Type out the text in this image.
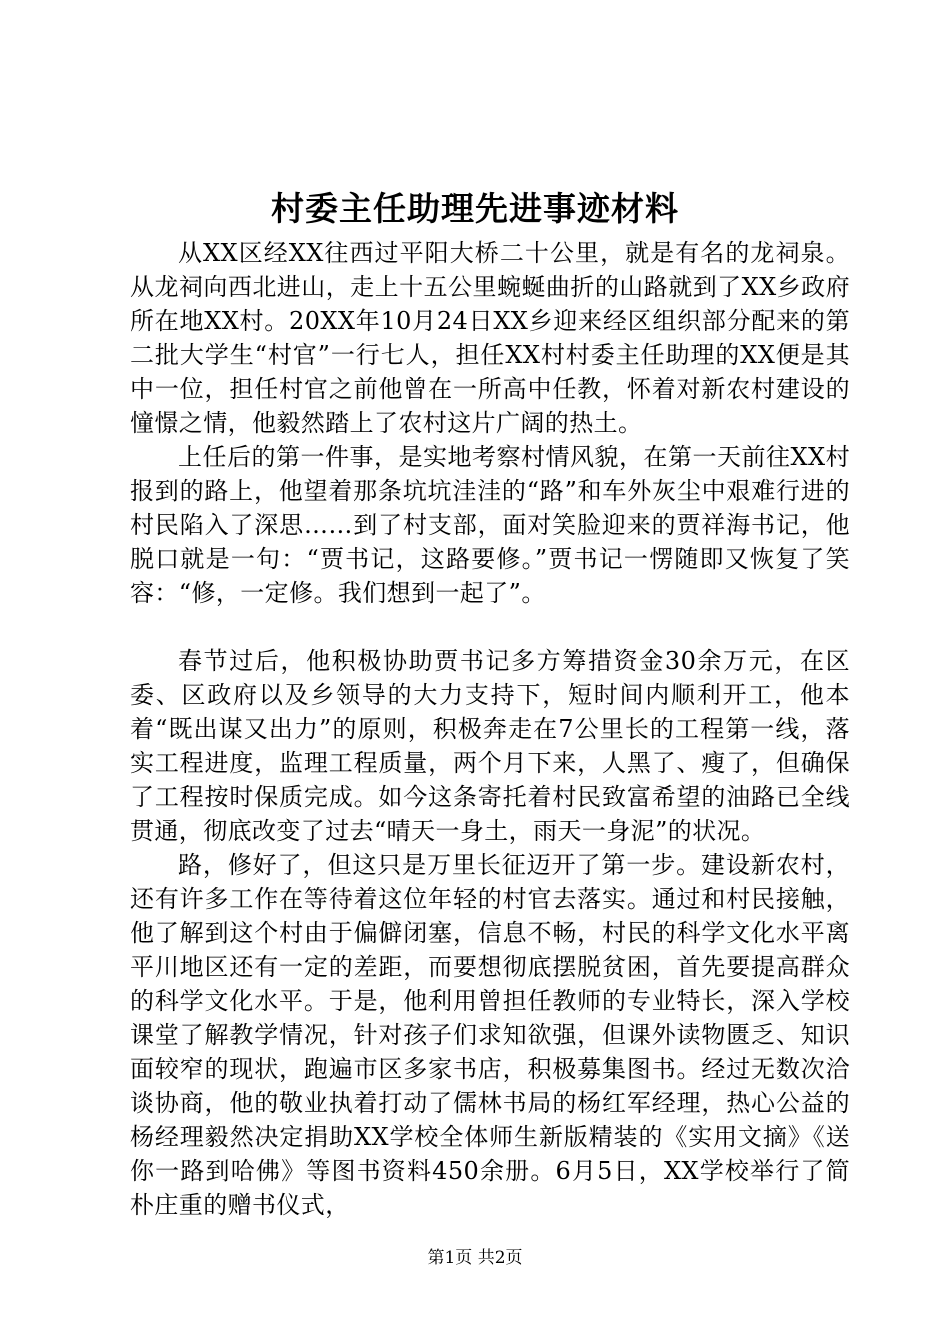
村委主任助理先进事迹材料

从XX区经XX往西过平阳大桥二十公里，就是有名的龙祠泉。从龙祠向西北进山，走上十五公里蜿蜒曲折的山路就到了XX乡政府所在地XX村。20XX年10月24日XX乡迎来经区组织部分配来的第二批大学生“村官”一行七人，担任XX村村委主任助理的XX便是其中一位，担任村官之前他曾在一所高中任教，怀着对新农村建设的憧憬之情，他毅然踏上了农村这片广阔的热土。

上任后的第一件事，是实地考察村情风貌，在第一天前往XX村报到的路上，他望着那条坑坑洼洼的“路”和车外灰尘中艰难行进的村民陷入了深思……到了村支部，面对笑脸迎来的贾祥海书记，他脱口就是一句：“贾书记，这路要修。”贾书记一愣随即又恢复了笑容：“修，一定修。我们想到一起了”。

春节过后，他积极协助贾书记多方筹措资金30余万元，在区委、区政府以及乡领导的大力支持下，短时间内顺利开工，他本着“既出谋又出力”的原则，积极奔走在7公里长的工程第一线，落实工程进度，监理工程质量，两个月下来，人黑了、瘦了，但确保了工程按时保质完成。如今这条寄托着村民致富希望的油路已全线贯通，彻底改变了过去“晴天一身土，雨天一身泥”的状况。

路，修好了，但这只是万里长征迈开了第一步。建设新农村，还有许多工作在等待着这位年轻的村官去落实。通过和村民接触，他了解到这个村由于偏僻闭塞，信息不畅，村民的科学文化水平离平川地区还有一定的差距，而要想彻底摆脱贫困，首先要提高群众的科学文化水平。于是，他利用曾担任教师的专业特长，深入学校课堂了解教学情况，针对孩子们求知欲强，但课外读物匮乏、知识面较窄的现状，跑遍市区多家书店，积极募集图书。经过无数次洽谈协商，他的敬业执着打动了儒林书局的杨红军经理，热心公益的杨经理毅然决定捐助XX学校全体师生新版精装的《实用文摘》《送你一路到哈佛》等图书资料450余册。6月5日，XX学校举行了简朴庄重的赠书仪式，

第1页 共2页
